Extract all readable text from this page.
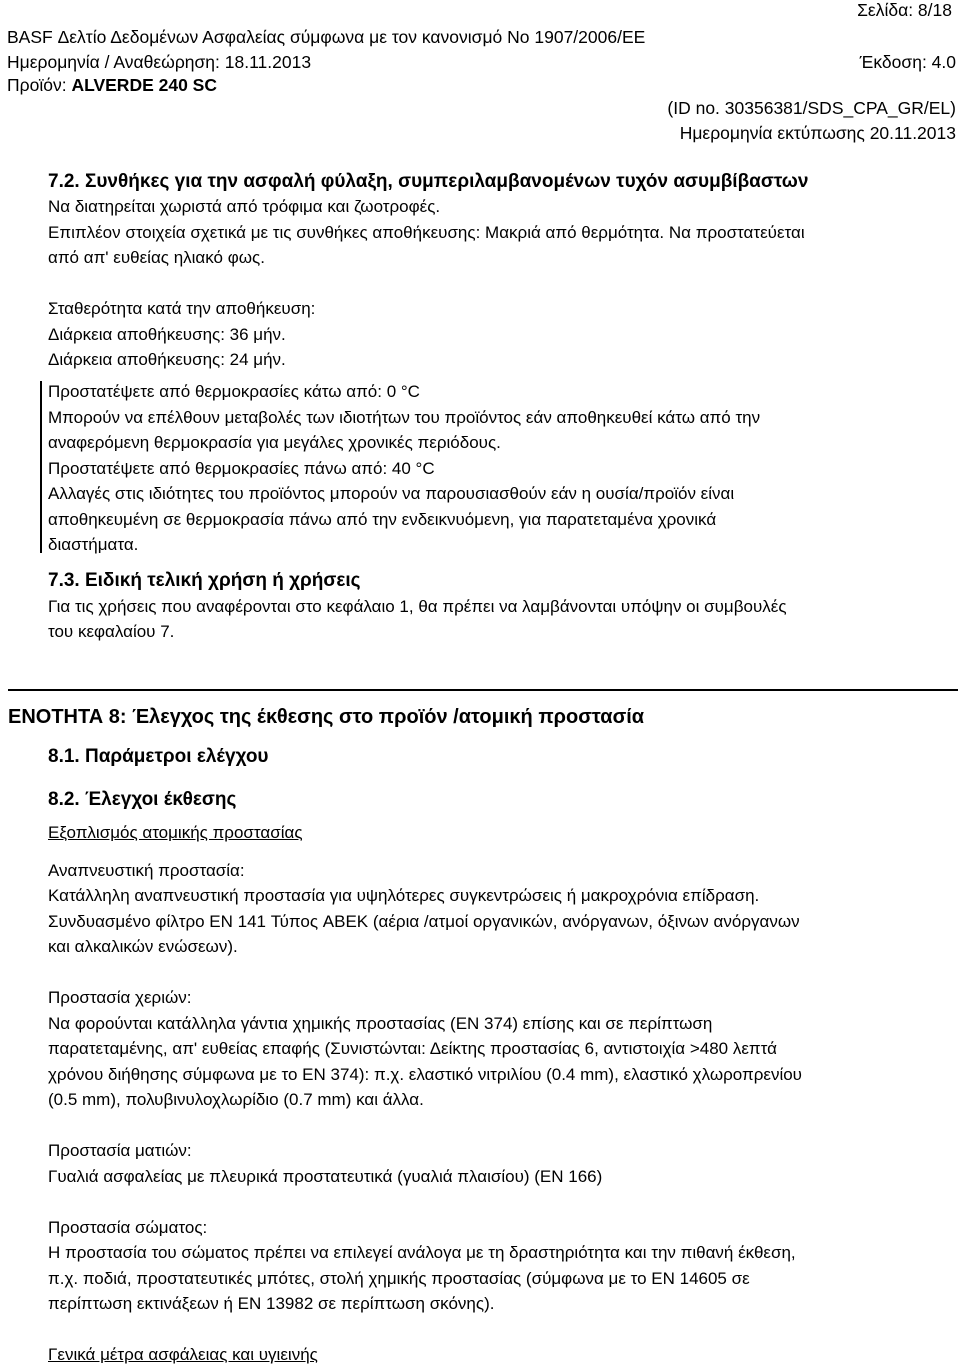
Σελίδα: 8/18
BASF Δελτίο Δεδομένων Ασφαλείας σύμφωνα με τον κανονισμό Νο 1907/2006/ΕΕ
Ημερομηνία / Αναθεώρηση: 18.11.2013	Έκδοση: 4.0
Προϊόν: ALVERDE 240 SC
(ID no. 30356381/SDS_CPA_GR/EL)
Ημερομηνία εκτύπωσης 20.11.2013
7.2. Συνθήκες για την ασφαλή φύλαξη, συμπεριλαμβανομένων τυχόν ασυμβίβαστων
Να διατηρείται χωριστά από τρόφιμα και ζωοτροφές.
Επιπλέον στοιχεία σχετικά με τις συνθήκες αποθήκευσης: Μακριά από θερμότητα. Να προστατεύεται
από απ' ευθείας ηλιακό φως.

Σταθερότητα κατά την αποθήκευση:
Διάρκεια αποθήκευσης: 36 μήν.
Διάρκεια αποθήκευσης: 24 μήν.
Προστατέψετε από θερμοκρασίες κάτω από: 0 °C
Μπορούν να επέλθουν μεταβολές των ιδιοτήτων του προϊόντος εάν αποθηκευθεί κάτω από την
αναφερόμενη θερμοκρασία για μεγάλες χρονικές περιόδους.
Προστατέψετε από θερμοκρασίες πάνω από: 40 °C
Αλλαγές στις ιδιότητες του προϊόντος μπορούν να παρουσιασθούν εάν η ουσία/προϊόν είναι
αποθηκευμένη σε θερμοκρασία πάνω από την ενδεικνυόμενη, για παρατεταμένα χρονικά
διαστήματα.
7.3. Ειδική τελική χρήση ή χρήσεις
Για τις χρήσεις που αναφέρονται στο κεφάλαιο 1, θα πρέπει να λαμβάνονται υπόψην οι συμβουλές
του κεφαλαίου 7.
ΕΝΟΤΗΤΑ 8: Έλεγχος της έκθεσης στο προϊόν /ατομική προστασία
8.1. Παράμετροι ελέγχου

8.2. Έλεγχοι έκθεσης

Εξοπλισμός ατομικής προστασίας

Αναπνευστική προστασία:
Κατάλληλη αναπνευστική προστασία για υψηλότερες συγκεντρώσεις ή μακροχρόνια επίδραση.
Συνδυασμένο φίλτρο EN 141 Τύπος ABEK (αέρια /ατμοί οργανικών, ανόργανων, όξινων ανόργανων
και αλκαλικών ενώσεων).

Προστασία χεριών:
Να φορούνται κατάλληλα γάντια χημικής προστασίας (EN 374) επίσης και σε περίπτωση
παρατεταμένης, απ' ευθείας επαφής (Συνιστώνται: Δείκτης προστασίας 6, αντιστοιχία >480 λεπτά
χρόνου διήθησης σύμφωνα με το EN 374): π.χ. ελαστικό νιτριλίου (0.4 mm), ελαστικό χλωροπρενίου
(0.5 mm), πολυβινυλοχλωρίδιο (0.7 mm) και άλλα.

Προστασία ματιών:
Γυαλιά ασφαλείας με πλευρικά προστατευτικά (γυαλιά πλαισίου) (EN 166)

Προστασία σώματος:
Η προστασία του σώματος πρέπει να επιλεγεί ανάλογα με τη δραστηριότητα και την πιθανή έκθεση,
π.χ. ποδιά, προστατευτικές μπότες, στολή χημικής προστασίας (σύμφωνα με το EN 14605 σε
περίπτωση εκτινάξεων ή EN 13982 σε περίπτωση σκόνης).

Γενικά μέτρα ασφάλειας και υγιεινής
